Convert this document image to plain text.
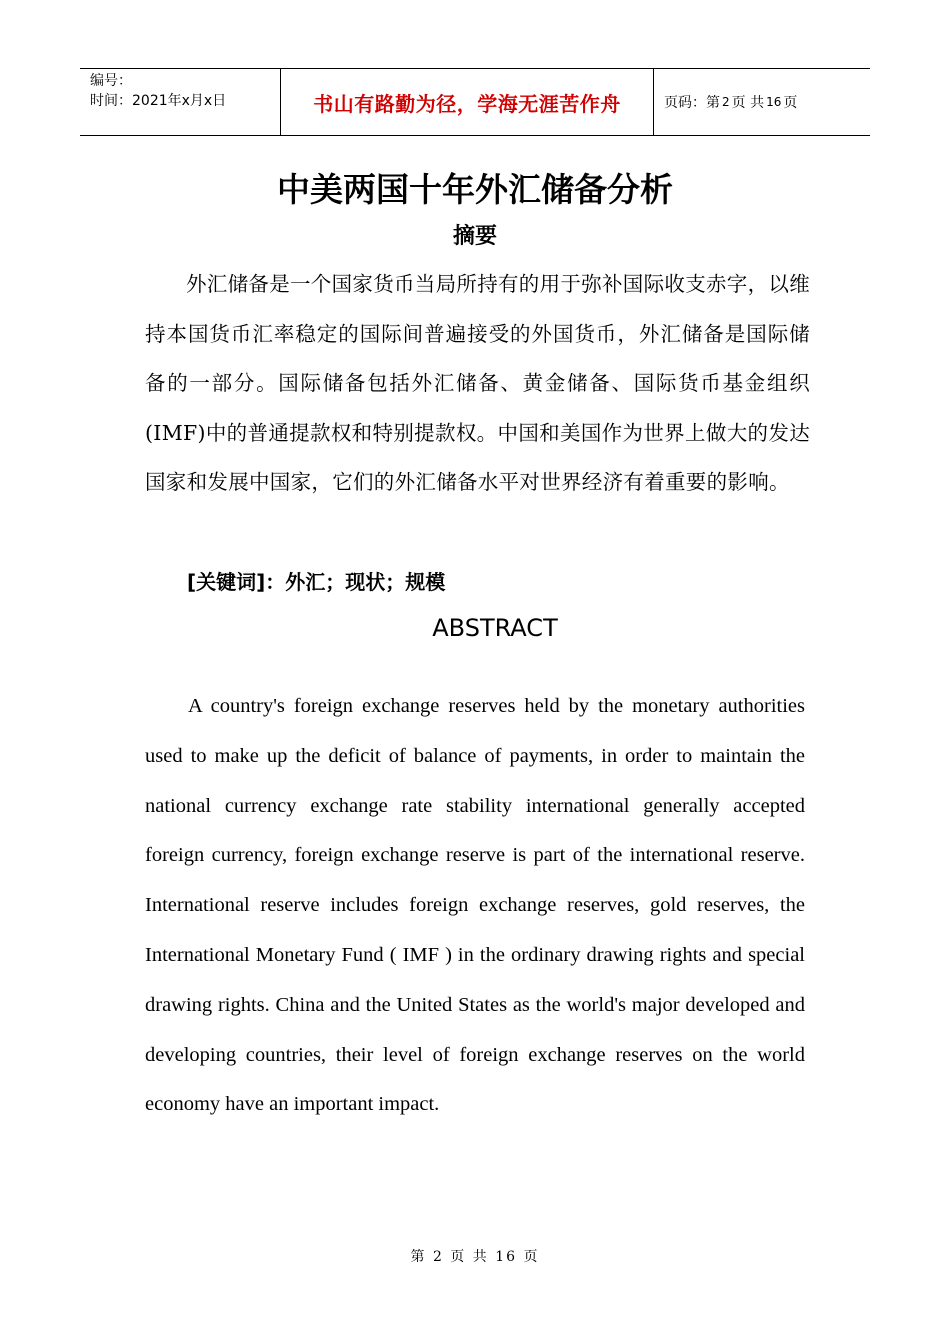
编号：
时间：2021年x月x日	书山有路勤为径，学海无涯苦作舟	页码：第 2 页 共 16 页
中美两国十年外汇储备分析
摘要

外汇储备是一个国家货币当局所持有的用于弥补国际收支赤字，以维持本国货币汇率稳定的国际间普遍接受的外国货币，外汇储备是国际储备的一部分。国际储备包括外汇储备、黄金储备、国际货币基金组织(IMF)中的普通提款权和特别提款权。中国和美国作为世界上做大的发达国家和发展中国家，它们的外汇储备水平对世界经济有着重要的影响。

[关键词]：外汇；现状；规模
ABSTRACT

A country's foreign exchange reserves held by the monetary authorities used to make up the deficit of balance of payments, in order to maintain the national currency exchange rate stability international generally accepted foreign currency, foreign exchange reserve is part of the international reserve. International reserve includes foreign exchange reserves, gold reserves, the International Monetary Fund ( IMF ) in the ordinary drawing rights and special drawing rights. China and the United States as the world's major developed and developing countries, their level of foreign exchange reserves on the world economy have an important impact.

第 2 页 共 16 页
